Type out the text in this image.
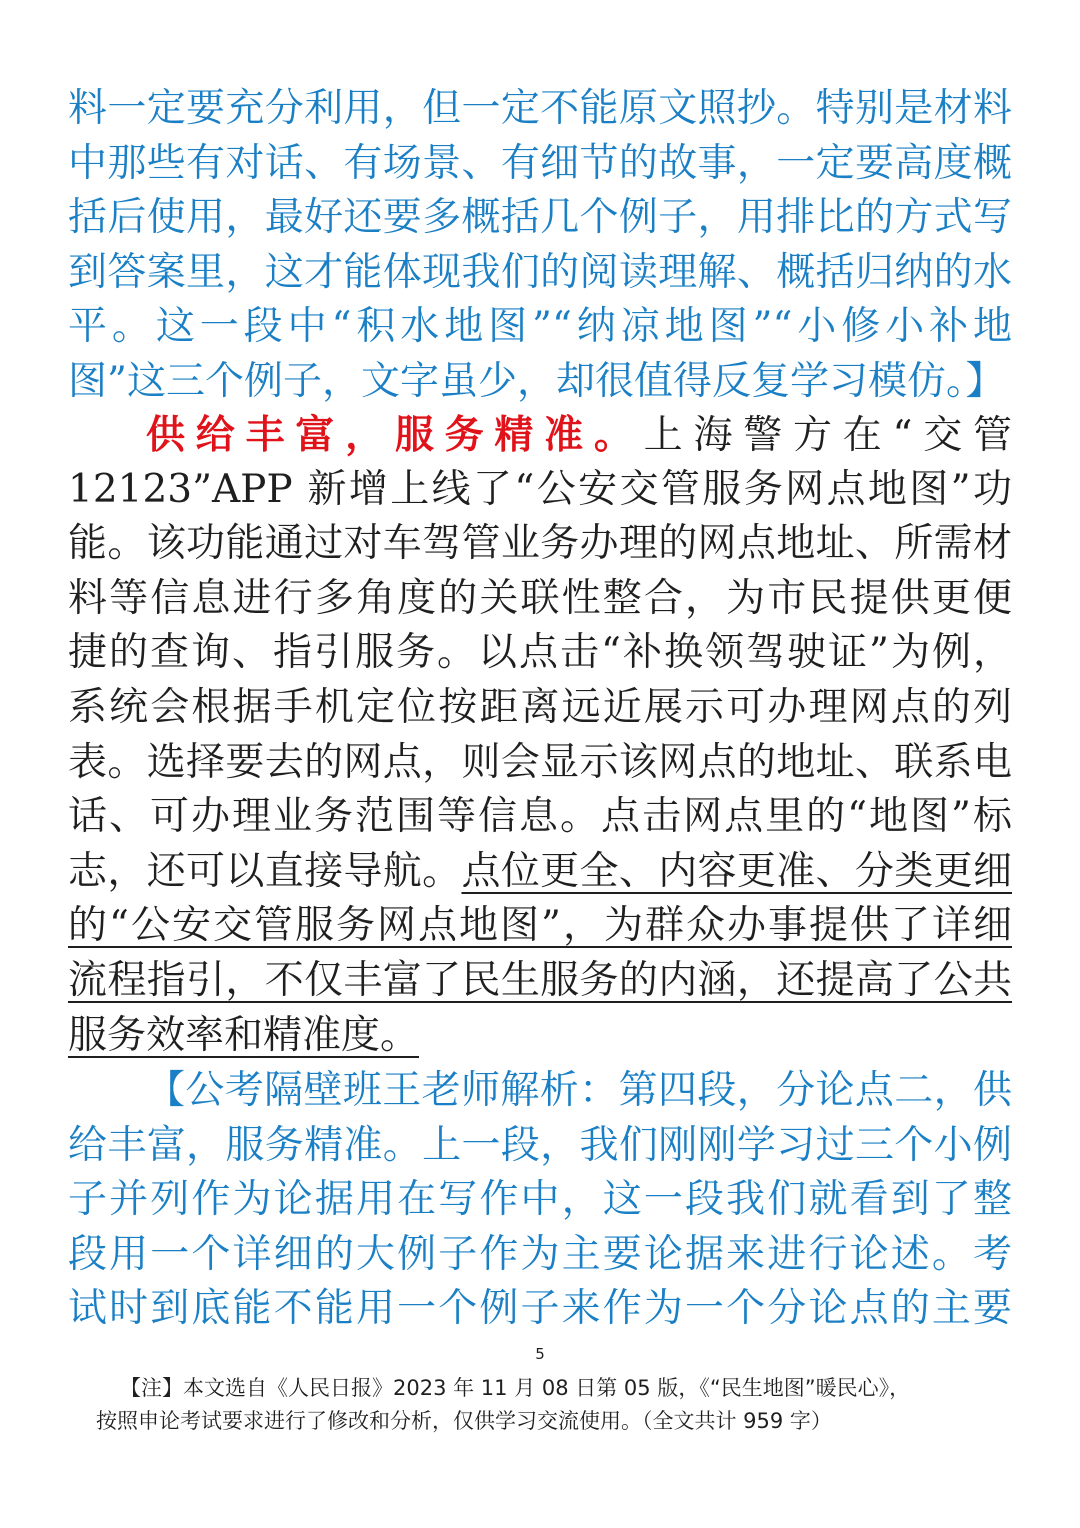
料一定要充分利用，但一定不能原文照抄。特别是材料
中那些有对话、有场景、有细节的故事，一定要高度概
括后使用，最好还要多概括几个例子，用排比的方式写
到答案里，这才能体现我们的阅读理解、概括归纳的水
平。这一段中“积水地图”“纳凉地图”“小修小补地
图”这三个例子，文字虽少，却很值得反复学习模仿。】
供给丰富，服务精准。上海警方在“交管
12123”APP 新增上线了“公安交管服务网点地图”功
能。该功能通过对车驾管业务办理的网点地址、所需材
料等信息进行多角度的关联性整合，为市民提供更便
捷的查询、指引服务。以点击“补换领驾驶证”为例，
系统会根据手机定位按距离远近展示可办理网点的列
表。选择要去的网点，则会显示该网点的地址、联系电
话、可办理业务范围等信息。点击网点里的“地图”标
志，还可以直接导航。点位更全、内容更准、分类更细
的“公安交管服务网点地图”，为群众办事提供了详细
流程指引，不仅丰富了民生服务的内涵，还提高了公共
服务效率和精准度。
【公考隔壁班王老师解析：第四段，分论点二，供
给丰富，服务精准。上一段，我们刚刚学习过三个小例
子并列作为论据用在写作中，这一段我们就看到了整
段用一个详细的大例子作为主要论据来进行论述。考
试时到底能不能用一个例子来作为一个分论点的主要
5
【注】本文选自《人民日报》2023 年 11 月 08 日第 05 版，《“民生地图”暖民心》，
按照申论考试要求进行了修改和分析，仅供学习交流使用。（全文共计 959 字）
